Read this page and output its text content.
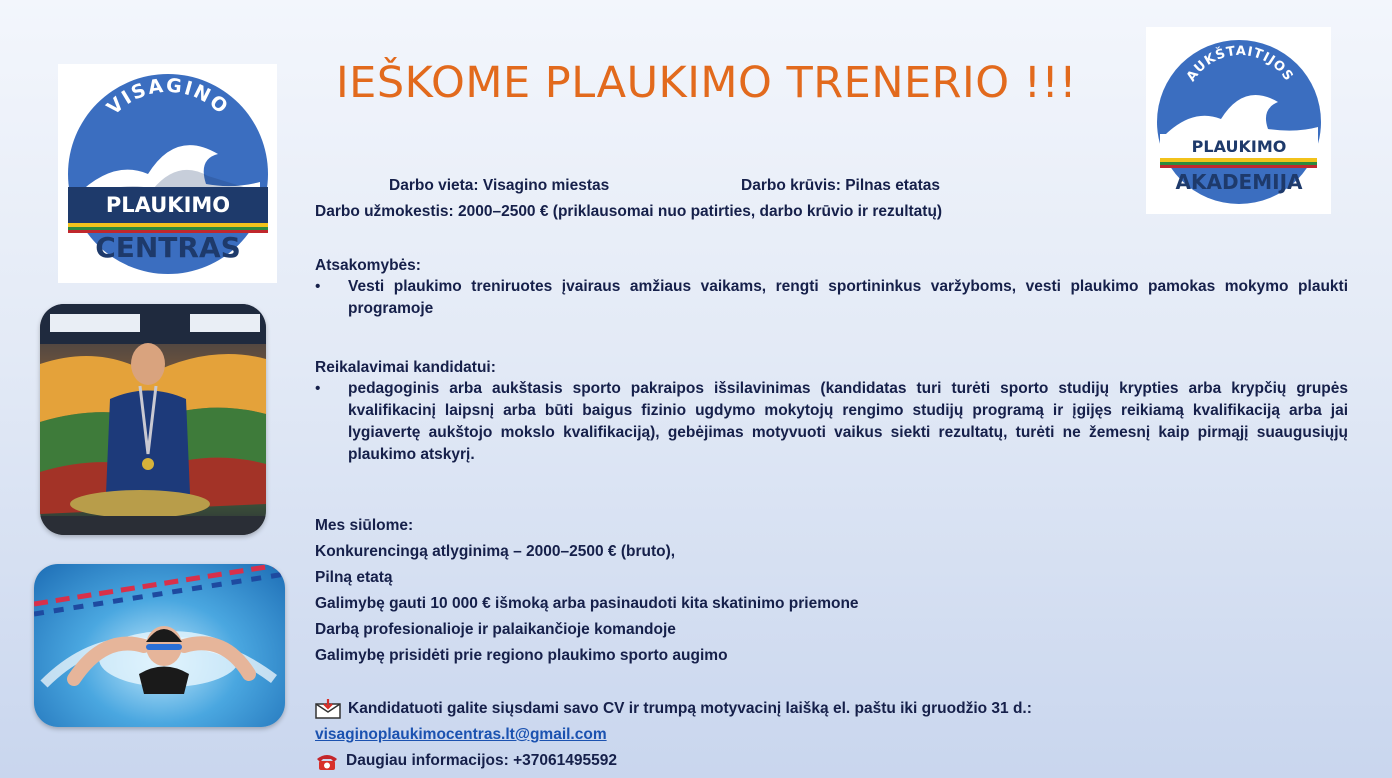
PLAUKIMO
CENTRAS
VISAGINO
PLAUKIMO
AKADEMIJA
AUKŠTAITIJOS
IEŠKOME PLAUKIMO TRENERIO !!!
Darbo vieta: Visagino miestas	Darbo krūvis: Pilnas etatas
Darbo užmokestis: 2000–2500 € (priklausomai nuo patirties, darbo krūvio ir rezultatų)
Atsakomybės:
•	Vesti plaukimo treniruotes įvairaus amžiaus vaikams, rengti sportininkus varžyboms, vesti plaukimo pamokas mokymo plaukti programoje
Reikalavimai kandidatui:
•	pedagoginis arba aukštasis sporto pakraipos išsilavinimas (kandidatas turi turėti sporto studijų krypties arba krypčių grupės kvalifikacinį laipsnį arba būti baigus fizinio ugdymo mokytojų rengimo studijų programą ir įgijęs reikiamą kvalifikaciją arba jai lygiavertę aukštojo mokslo kvalifikaciją), gebėjimas motyvuoti vaikus siekti rezultatų, turėti ne žemesnį kaip pirmąjį suaugusiųjų plaukimo atskyrį.
Mes siūlome:
Konkurencingą atlyginimą – 2000–2500 € (bruto),
Pilną etatą
Galimybę gauti 10 000 € išmoką arba pasinaudoti kita skatinimo priemone
Darbą profesionalioje ir palaikančioje komandoje
Galimybę prisidėti prie regiono plaukimo sporto augimo
Kandidatuoti galite siųsdami savo CV ir trumpą motyvacinį laišką el. paštu iki gruodžio 31 d.:
visaginoplaukimocentras.lt@gmail.com
Daugiau informacijos: +37061495592
